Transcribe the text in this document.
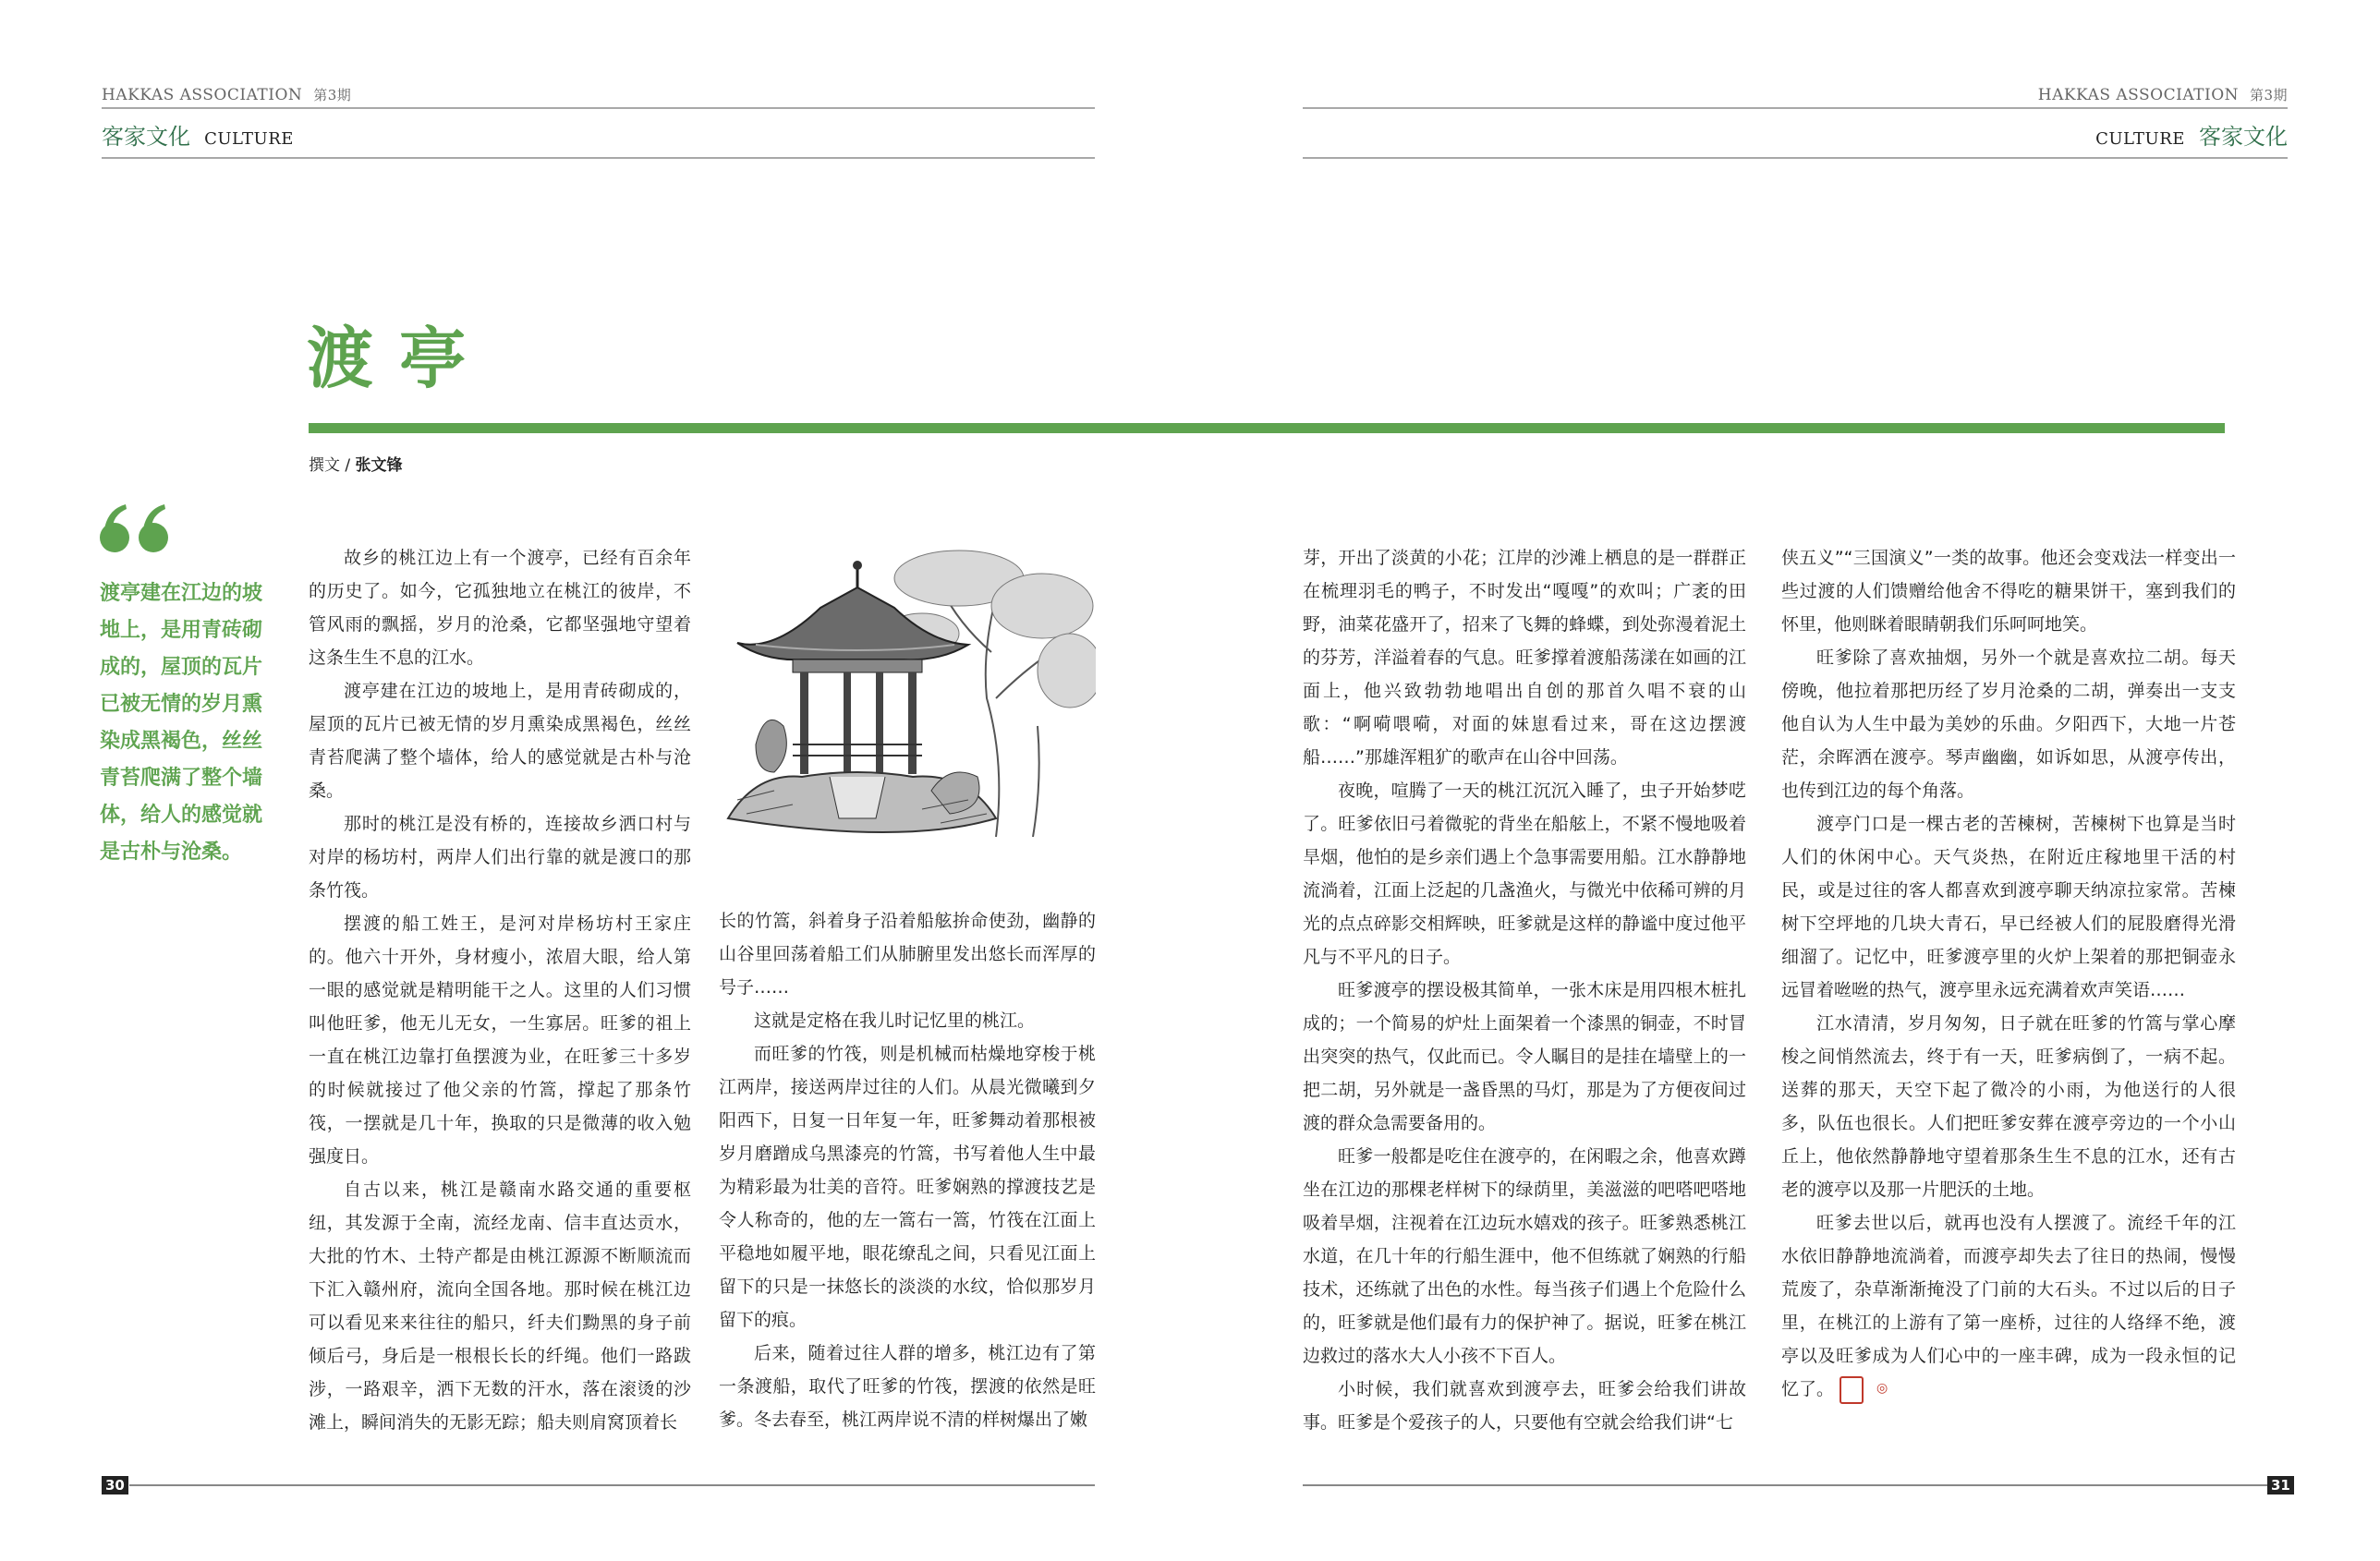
HAKKAS ASSOCIATION 第3期
客家文化 CULTURE
HAKKAS ASSOCIATION 第3期
CULTURE 客家文化
渡亭
撰文 / 张文锋
渡亭建在江边的坡地上，是用青砖砌成的，屋顶的瓦片已被无情的岁月熏染成黑褐色，丝丝青苔爬满了整个墙体，给人的感觉就是古朴与沧桑。

故乡的桃江边上有一个渡亭，已经有百余年的历史了。如今，它孤独地立在桃江的彼岸，不管风雨的飘摇，岁月的沧桑，它都坚强地守望着这条生生不息的江水。

渡亭建在江边的坡地上，是用青砖砌成的，屋顶的瓦片已被无情的岁月熏染成黑褐色，丝丝青苔爬满了整个墙体，给人的感觉就是古朴与沧桑。

那时的桃江是没有桥的，连接故乡洒口村与对岸的杨坊村，两岸人们出行靠的就是渡口的那条竹筏。

摆渡的船工姓王，是河对岸杨坊村王家庄的。他六十开外，身材瘦小，浓眉大眼，给人第一眼的感觉就是精明能干之人。这里的人们习惯叫他旺爹，他无儿无女，一生寡居。旺爹的祖上一直在桃江边靠打鱼摆渡为业，在旺爹三十多岁的时候就接过了他父亲的竹篙，撑起了那条竹筏，一摆就是几十年，换取的只是微薄的收入勉强度日。

自古以来，桃江是赣南水路交通的重要枢纽，其发源于全南，流经龙南、信丰直达贡水，大批的竹木、土特产都是由桃江源源不断顺流而下汇入赣州府，流向全国各地。那时候在桃江边可以看见来来往往的船只，纤夫们黝黑的身子前倾后弓，身后是一根根长长的纤绳。他们一路跋涉，一路艰辛，洒下无数的汗水，落在滚烫的沙滩上，瞬间消失的无影无踪；船夫则肩窝顶着长

长的竹篙，斜着身子沿着船舷拚命使劲，幽静的山谷里回荡着船工们从肺腑里发出悠长而浑厚的号子……

这就是定格在我儿时记忆里的桃江。

而旺爹的竹筏，则是机械而枯燥地穿梭于桃江两岸，接送两岸过往的人们。从晨光微曦到夕阳西下，日复一日年复一年，旺爹舞动着那根被岁月磨蹭成乌黑漆亮的竹篙，书写着他人生中最为精彩最为壮美的音符。旺爹娴熟的撑渡技艺是令人称奇的，他的左一篙右一篙，竹筏在江面上平稳地如履平地，眼花缭乱之间，只看见江面上留下的只是一抹悠长的淡淡的水纹，恰似那岁月留下的痕。

后来，随着过往人群的增多，桃江边有了第一条渡船，取代了旺爹的竹筏，摆渡的依然是旺爹。冬去春至，桃江两岸说不清的样树爆出了嫩

芽，开出了淡黄的小花；江岸的沙滩上栖息的是一群群正在梳理羽毛的鸭子，不时发出“嘎嘎”的欢叫；广袤的田野，油菜花盛开了，招来了飞舞的蜂蝶，到处弥漫着泥土的芬芳，洋溢着春的气息。旺爹撑着渡船荡漾在如画的江面上，他兴致勃勃地唱出自创的那首久唱不衰的山歌：“啊嗬喂嗬，对面的妹崽看过来，哥在这边摆渡船……”那雄浑粗犷的歌声在山谷中回荡。

夜晚，喧腾了一天的桃江沉沉入睡了，虫子开始梦呓了。旺爹依旧弓着微驼的背坐在船舷上，不紧不慢地吸着旱烟，他怕的是乡亲们遇上个急事需要用船。江水静静地流淌着，江面上泛起的几盏渔火，与微光中依稀可辨的月光的点点碎影交相辉映，旺爹就是这样的静谧中度过他平凡与不平凡的日子。

旺爹渡亭的摆设极其简单，一张木床是用四根木桩扎成的；一个简易的炉灶上面架着一个漆黑的铜壶，不时冒出突突的热气，仅此而已。令人瞩目的是挂在墙壁上的一把二胡，另外就是一盏昏黑的马灯，那是为了方便夜间过渡的群众急需要备用的。

旺爹一般都是吃住在渡亭的，在闲暇之余，他喜欢蹲坐在江边的那棵老样树下的绿荫里，美滋滋的吧嗒吧嗒地吸着旱烟，注视着在江边玩水嬉戏的孩子。旺爹熟悉桃江水道，在几十年的行船生涯中，他不但练就了娴熟的行船技术，还练就了出色的水性。每当孩子们遇上个危险什么的，旺爹就是他们最有力的保护神了。据说，旺爹在桃江边救过的落水大人小孩不下百人。

小时候，我们就喜欢到渡亭去，旺爹会给我们讲故事。旺爹是个爱孩子的人，只要他有空就会给我们讲“七

侠五义”“三国演义”一类的故事。他还会变戏法一样变出一些过渡的人们馈赠给他舍不得吃的糖果饼干，塞到我们的怀里，他则眯着眼睛朝我们乐呵呵地笑。

旺爹除了喜欢抽烟，另外一个就是喜欢拉二胡。每天傍晚，他拉着那把历经了岁月沧桑的二胡，弹奏出一支支他自认为人生中最为美妙的乐曲。夕阳西下，大地一片苍茫，余晖洒在渡亭。琴声幽幽，如诉如思，从渡亭传出，也传到江边的每个角落。

渡亭门口是一棵古老的苦楝树，苦楝树下也算是当时人们的休闲中心。天气炎热，在附近庄稼地里干活的村民，或是过往的客人都喜欢到渡亭聊天纳凉拉家常。苦楝树下空坪地的几块大青石，早已经被人们的屁股磨得光滑细溜了。记忆中，旺爹渡亭里的火炉上架着的那把铜壶永远冒着咝咝的热气，渡亭里永远充满着欢声笑语……

江水清清，岁月匆匆，日子就在旺爹的竹篙与掌心摩梭之间悄然流去，终于有一天，旺爹病倒了，一病不起。送葬的那天，天空下起了微冷的小雨，为他送行的人很多，队伍也很长。人们把旺爹安葬在渡亭旁边的一个小山丘上，他依然静静地守望着那条生生不息的江水，还有古老的渡亭以及那一片肥沃的土地。

旺爹去世以后，就再也没有人摆渡了。流经千年的江水依旧静静地流淌着，而渡亭却失去了往日的热闹，慢慢荒废了，杂草渐渐掩没了门前的大石头。不过以后的日子里，在桃江的上游有了第一座桥，过往的人络绎不绝，渡亭以及旺爹成为人们心中的一座丰碑，成为一段永恒的记忆了。	◎

30	31
